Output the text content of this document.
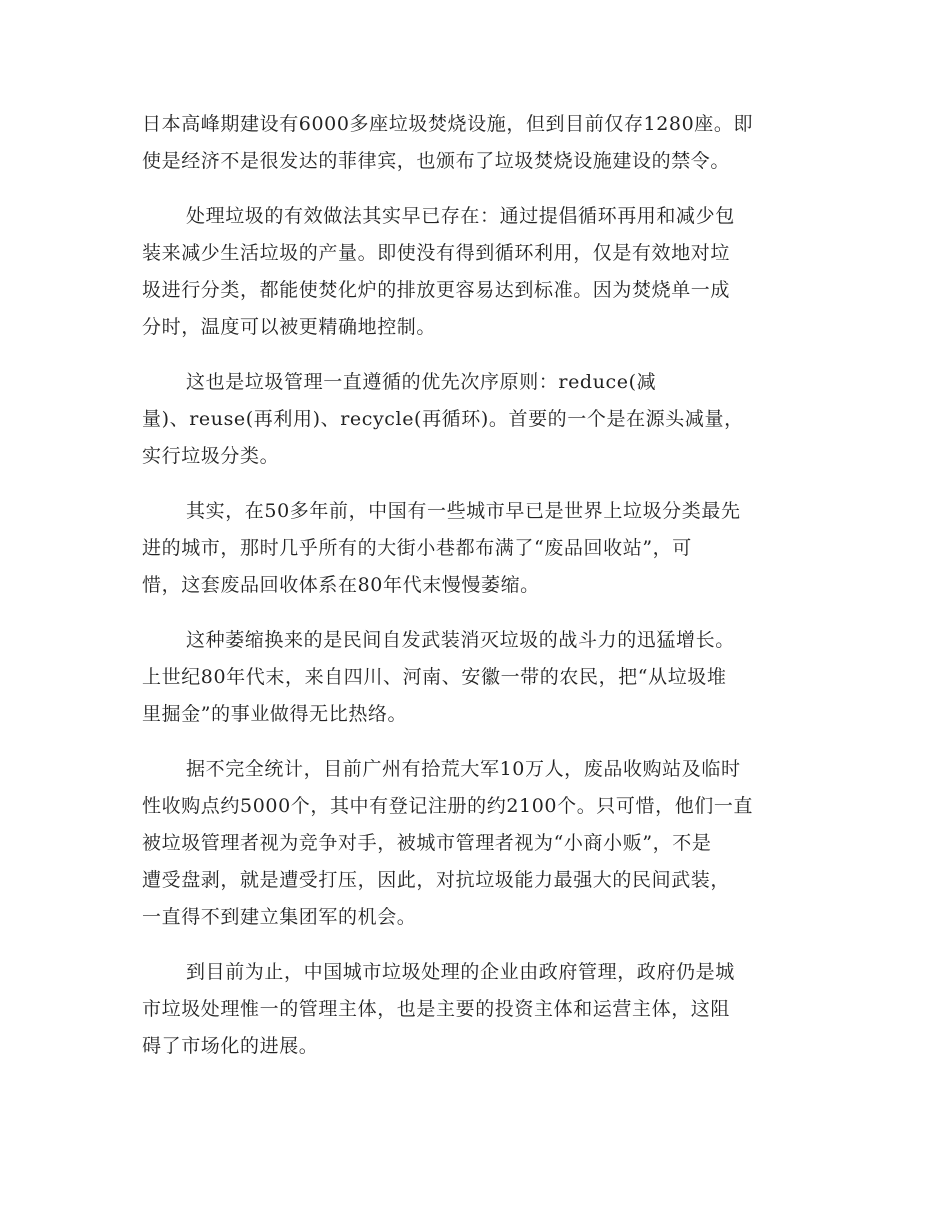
日本高峰期建设有6000多座垃圾焚烧设施，但到目前仅存1280座。即
使是经济不是很发达的菲律宾，也颁布了垃圾焚烧设施建设的禁令。
处理垃圾的有效做法其实早已存在：通过提倡循环再用和减少包
装来减少生活垃圾的产量。即使没有得到循环利用，仅是有效地对垃
圾进行分类，都能使焚化炉的排放更容易达到标准。因为焚烧单一成
分时，温度可以被更精确地控制。
这也是垃圾管理一直遵循的优先次序原则：reduce(减
量)、reuse(再利用)、recycle(再循环)。首要的一个是在源头减量，
实行垃圾分类。
其实，在50多年前，中国有一些城市早已是世界上垃圾分类最先
进的城市，那时几乎所有的大街小巷都布满了“废品回收站”，可
惜，这套废品回收体系在80年代末慢慢萎缩。
这种萎缩换来的是民间自发武装消灭垃圾的战斗力的迅猛增长。
上世纪80年代末，来自四川、河南、安徽一带的农民，把“从垃圾堆
里掘金”的事业做得无比热络。
据不完全统计，目前广州有拾荒大军10万人，废品收购站及临时
性收购点约5000个，其中有登记注册的约2100个。只可惜，他们一直
被垃圾管理者视为竞争对手，被城市管理者视为“小商小贩”，不是
遭受盘剥，就是遭受打压，因此，对抗垃圾能力最强大的民间武装，
一直得不到建立集团军的机会。
到目前为止，中国城市垃圾处理的企业由政府管理，政府仍是城
市垃圾处理惟一的管理主体，也是主要的投资主体和运营主体，这阻
碍了市场化的进展。
